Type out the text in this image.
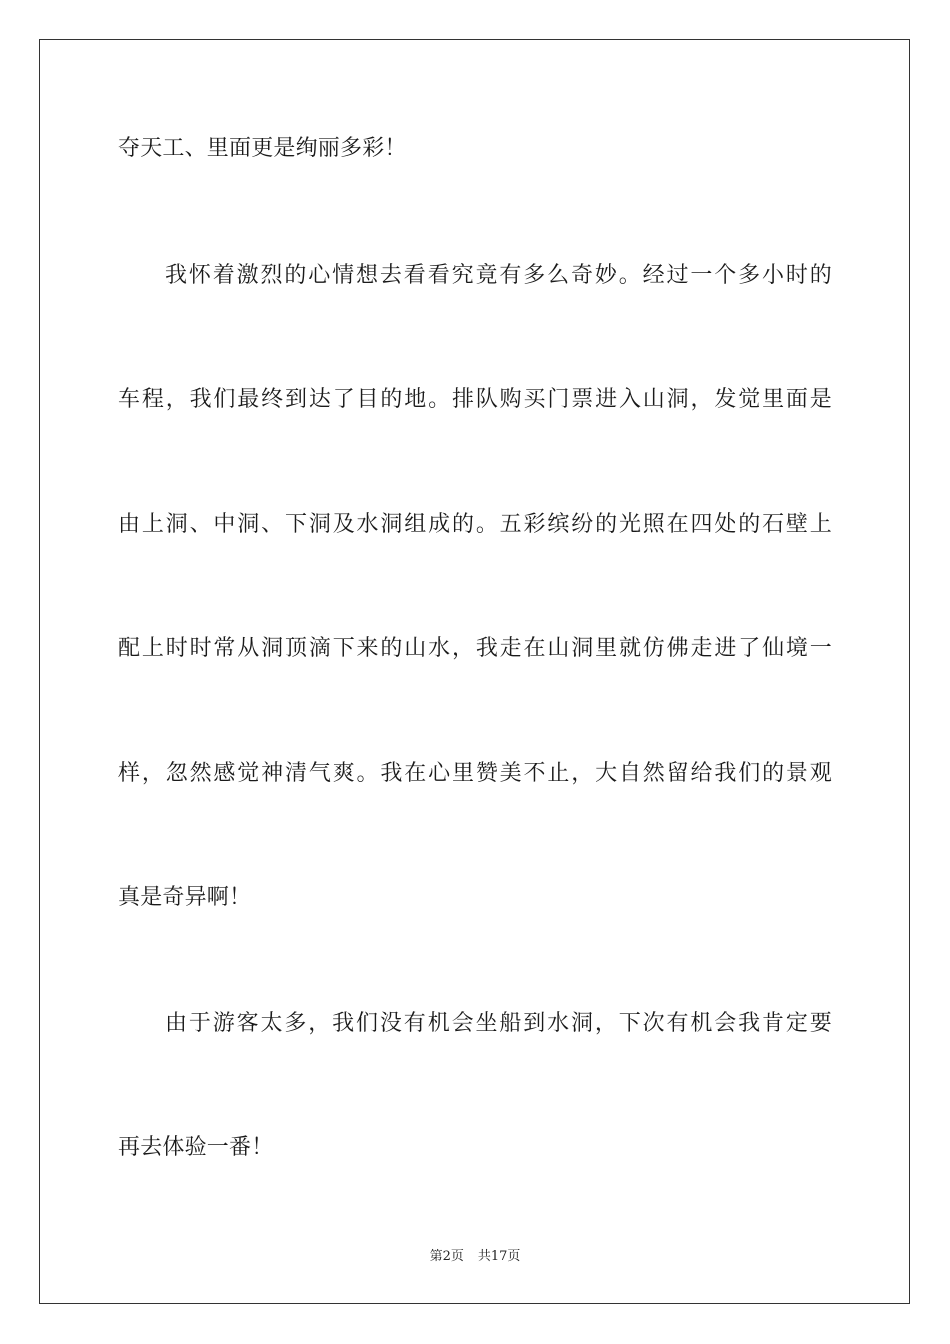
夺天工、里面更是绚丽多彩！
我怀着激烈的心情想去看看究竟有多么奇妙。经过一个多小时的
车程，我们最终到达了目的地。排队购买门票进入山洞，发觉里面是
由上洞、中洞、下洞及水洞组成的。五彩缤纷的光照在四处的石壁上
配上时时常从洞顶滴下来的山水，我走在山洞里就仿佛走进了仙境一
样，忽然感觉神清气爽。我在心里赞美不止，大自然留给我们的景观
真是奇异啊！
由于游客太多，我们没有机会坐船到水洞，下次有机会我肯定要
再去体验一番！
第2页 共17页
